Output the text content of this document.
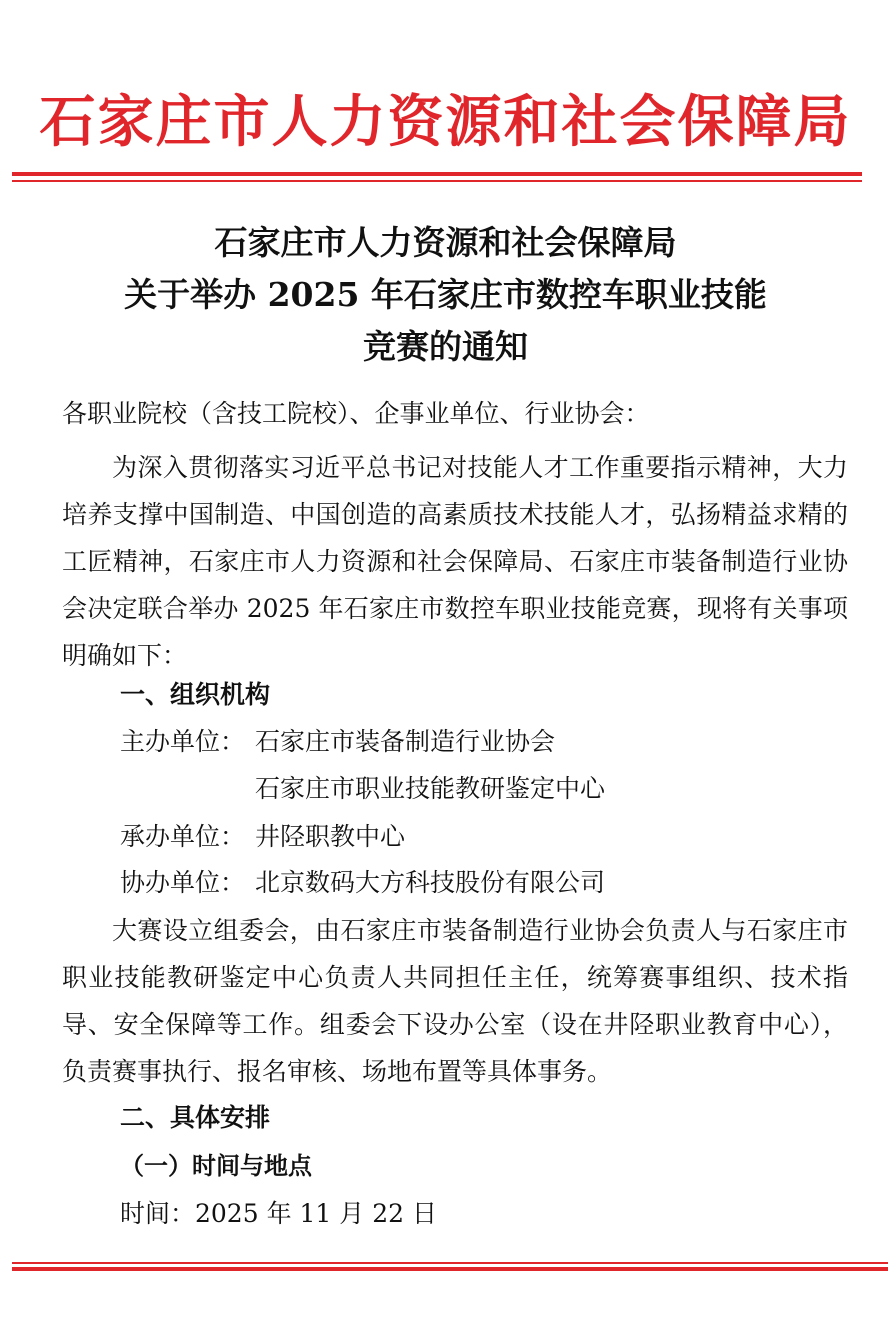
石家庄市人力资源和社会保障局
石家庄市人力资源和社会保障局
关于举办 2025 年石家庄市数控车职业技能
竞赛的通知
各职业院校（含技工院校）、企事业单位、行业协会：
为深入贯彻落实习近平总书记对技能人才工作重要指示精神，大力培养支撑中国制造、中国创造的高素质技术技能人才，弘扬精益求精的工匠精神，石家庄市人力资源和社会保障局、石家庄市装备制造行业协会决定联合举办 2025 年石家庄市数控车职业技能竞赛，现将有关事项明确如下：
一、组织机构
主办单位： 石家庄市装备制造行业协会
石家庄市职业技能教研鉴定中心
承办单位： 井陉职教中心
协办单位： 北京数码大方科技股份有限公司
大赛设立组委会，由石家庄市装备制造行业协会负责人与石家庄市职业技能教研鉴定中心负责人共同担任主任，统筹赛事组织、技术指导、安全保障等工作。组委会下设办公室（设在井陉职业教育中心），负责赛事执行、报名审核、场地布置等具体事务。
二、具体安排
（一）时间与地点
时间：2025 年 11 月 22 日
